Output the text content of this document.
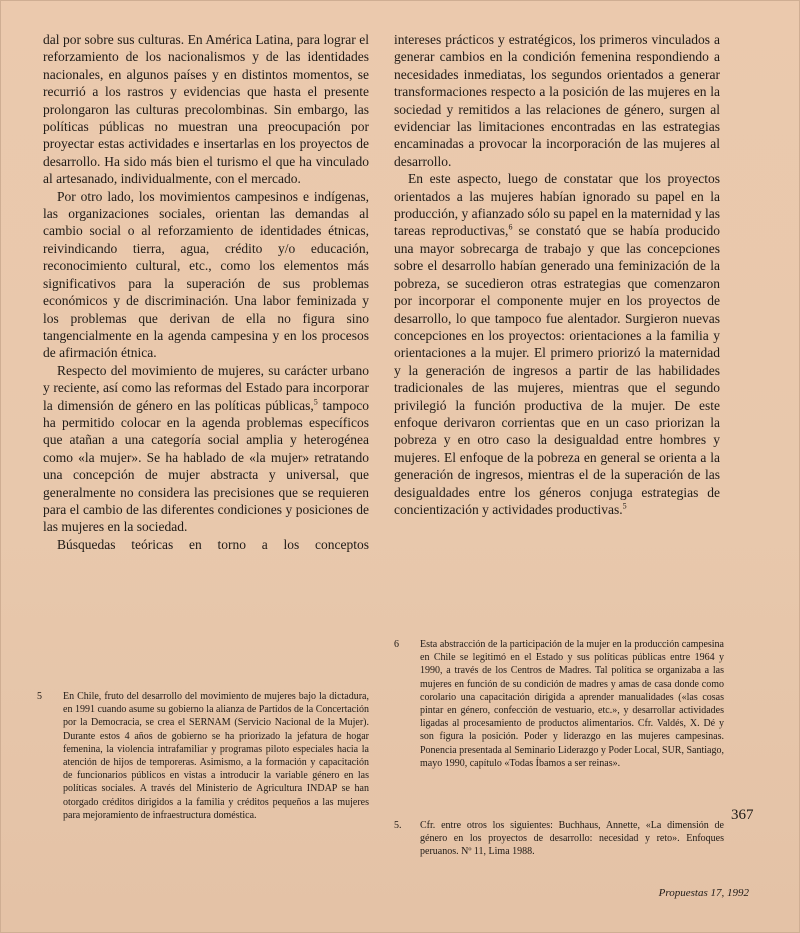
dal por sobre sus culturas. En América Latina, para lograr el reforzamiento de los nacionalismos y de las identidades nacionales, en algunos países y en distintos momentos, se recurrió a los rastros y evidencias que hasta el presente prolongaron las culturas precolombinas. Sin embargo, las políticas públicas no muestran una preocupación por proyectar estas actividades e insertarlas en los proyectos de desarrollo. Ha sido más bien el turismo el que ha vinculado al artesanado, individualmente, con el mercado.

Por otro lado, los movimientos campesinos e indígenas, las organizaciones sociales, orientan las demandas al cambio social o al reforzamiento de identidades étnicas, reivindicando tierra, agua, crédito y/o educación, reconocimiento cultural, etc., como los elementos más significativos para la superación de sus problemas económicos y de discriminación. Una labor feminizada y los problemas que derivan de ella no figura sino tangencialmente en la agenda campesina y en los procesos de afirmación étnica.

Respecto del movimiento de mujeres, su carácter urbano y reciente, así como las reformas del Estado para incorporar la dimensión de género en las políticas públicas,$^5$ tampoco ha permitido colocar en la agenda problemas específicos que atañan a una categoría social amplia y heterogénea como «la mujer». Se ha hablado de «la mujer» retratando una concepción de mujer abstracta y universal, que generalmente no considera las precisiones que se requieren para el cambio de las diferentes condiciones y posiciones de las mujeres en la sociedad.

Búsquedas teóricas en torno a los conceptos

intereses prácticos y estratégicos, los primeros vinculados a generar cambios en la condición femenina respondiendo a necesidades inmediatas, los segundos orientados a generar transformaciones respecto a la posición de las mujeres en la sociedad y remitidos a las relaciones de género, surgen al evidenciar las limitaciones encontradas en las estrategias encaminadas a provocar la incorporación de las mujeres al desarrollo.

En este aspecto, luego de constatar que los proyectos orientados a las mujeres habían ignorado su papel en la producción, y afianzado sólo su papel en la maternidad y las tareas reproductivas,$^6$ se constató que se había producido una mayor sobrecarga de trabajo y que las concepciones sobre el desarrollo habían generado una feminización de la pobreza, se sucedieron otras estrategias que comenzaron por incorporar el componente mujer en los proyectos de desarrollo, lo que tampoco fue alentador. Surgieron nuevas concepciones en los proyectos: orientaciones a la familia y orientaciones a la mujer. El primero priorizó la maternidad y la generación de ingresos a partir de las habilidades tradicionales de las mujeres, mientras que el segundo privilegió la función productiva de la mujer. De este enfoque derivaron corrientas que en un caso priorizan la pobreza y en otro caso la desigualdad entre hombres y mujeres. El enfoque de la pobreza en general se orienta a la generación de ingresos, mientras el de la superación de las desigualdades entre los géneros conjuga estrategias de concientización y actividades productivas.$^5$

5	En Chile, fruto del desarrollo del movimiento de mujeres bajo la dictadura, en 1991 cuando asume su gobierno la alianza de Partidos de la Concertación por la Democracia, se crea el SERNAM (Servicio Nacional de la Mujer). Durante estos 4 años de gobierno se ha priorizado la jefatura de hogar femenina, la violencia intrafamiliar y programas piloto especiales hacia la atención de hijos de temporeras. Asimismo, a la formación y capacitación de funcionarios públicos en vistas a introducir la variable género en las políticas sociales. A través del Ministerio de Agricultura INDAP se han otorgado créditos dirigidos a la familia y créditos pequeños a las mujeres para mejoramiento de infraestructura doméstica.
6	Esta abstracción de la participación de la mujer en la producción campesina en Chile se legitimó en el Estado y sus políticas públicas entre 1964 y 1990, a través de los Centros de Madres. Tal política se organizaba a las mujeres en función de su condición de madres y amas de casa donde como corolario una capacitación dirigida a aprender manualidades («las cosas pintar en género, confección de vestuario, etc.», y desarrollar actividades ligadas al procesamiento de productos alimentarios. Cfr. Valdés, X. Dé y son figura la posición. Poder y liderazgo en las mujeres campesinas. Ponencia presentada al Seminario Liderazgo y Poder Local, SUR, Santiago, mayo 1990, capítulo «Todas Íbamos a ser reinas».
5.	Cfr. entre otros los siguientes: Buchhaus, Annette, «La dimensión de género en los proyectos de desarrollo: necesidad y reto». Enfoques peruanos. Nº 11, Lima 1988.
367
Propuestas 17, 1992
